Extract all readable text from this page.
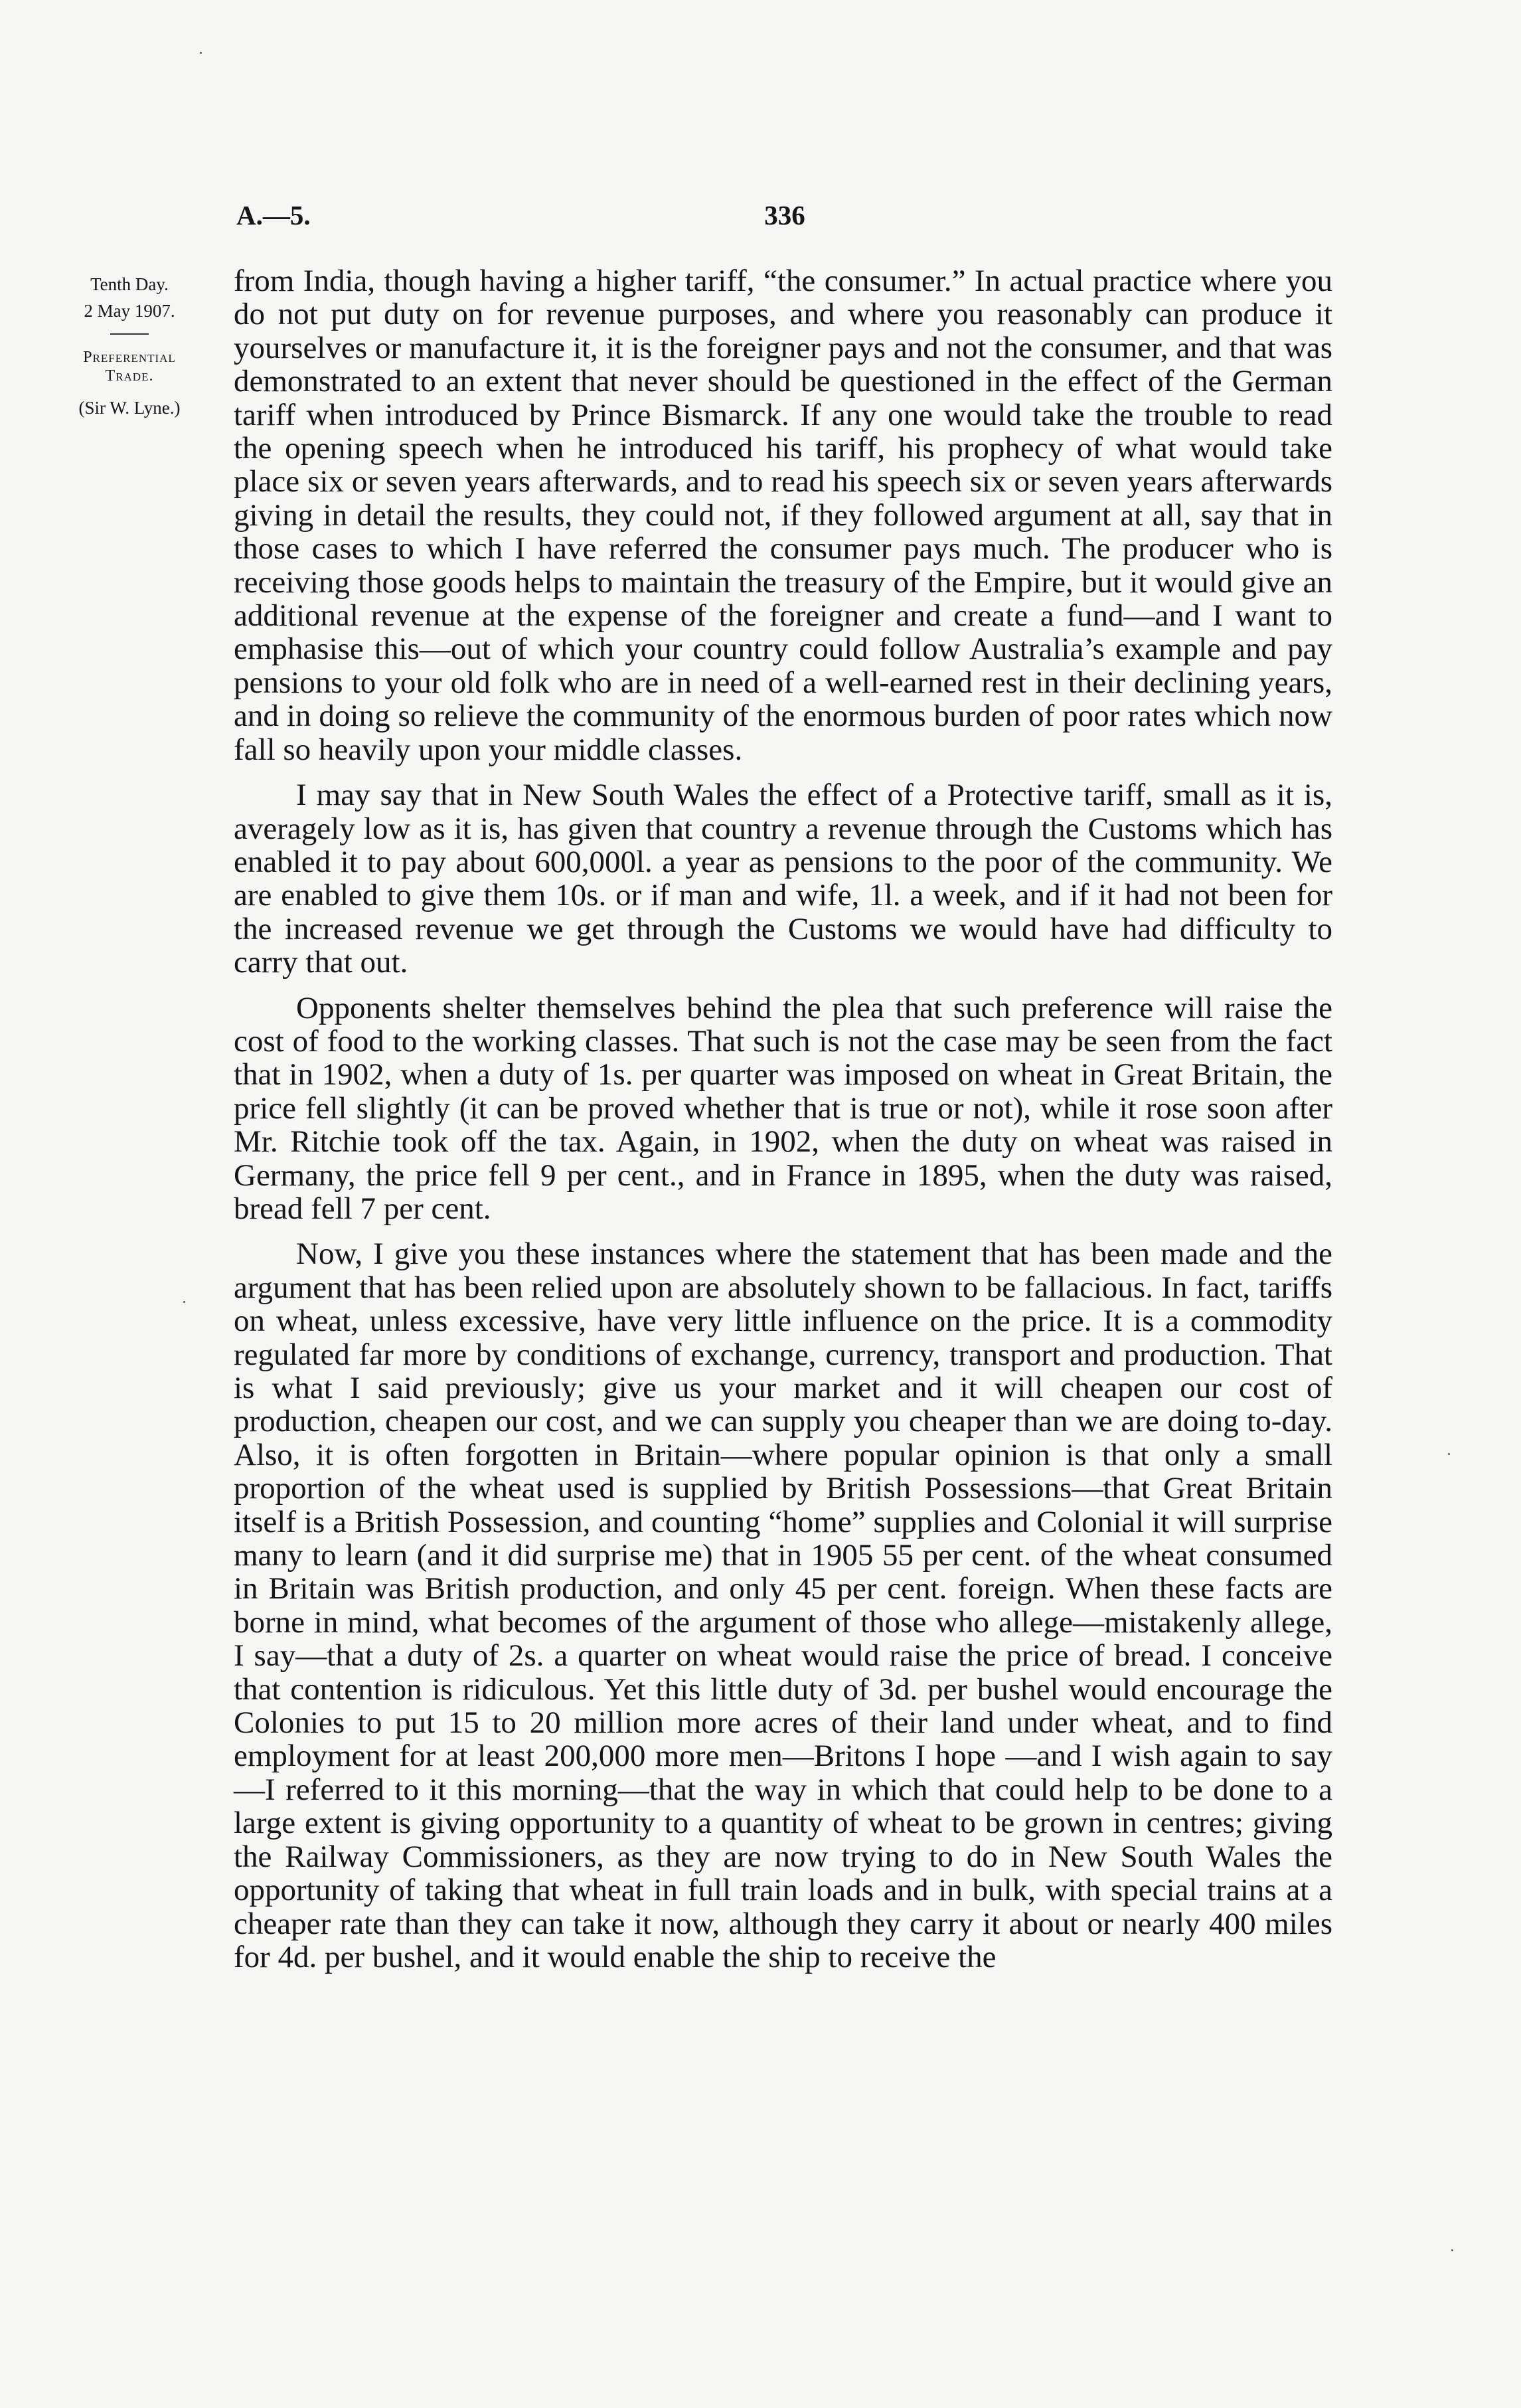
A.—5.	336
Tenth Day.
2 May 1907.
Preferential
Trade.
(Sir W. Lyne.)

from India, though having a higher tariff, “the consumer.” In actual practice where you do not put duty on for revenue purposes, and where you reasonably can produce it yourselves or manufacture it, it is the foreigner pays and not the consumer, and that was demonstrated to an extent that never should be questioned in the effect of the German tariff when introduced by Prince Bismarck. If any one would take the trouble to read the opening speech when he introduced his tariff, his prophecy of what would take place six or seven years afterwards, and to read his speech six or seven years afterwards giving in detail the results, they could not, if they followed argument at all, say that in those cases to which I have referred the consumer pays much. The producer who is receiving those goods helps to maintain the treasury of the Empire, but it would give an additional revenue at the expense of the foreigner and create a fund—and I want to emphasise this—out of which your country could follow Australia’s example and pay pensions to your old folk who are in need of a well-earned rest in their declining years, and in doing so relieve the community of the enormous burden of poor rates which now fall so heavily upon your middle classes.

I may say that in New South Wales the effect of a Protective tariff, small as it is, averagely low as it is, has given that country a revenue through the Customs which has enabled it to pay about 600,000l. a year as pensions to the poor of the community. We are enabled to give them 10s. or if man and wife, 1l. a week, and if it had not been for the increased revenue we get through the Customs we would have had difficulty to carry that out.

Opponents shelter themselves behind the plea that such preference will raise the cost of food to the working classes. That such is not the case may be seen from the fact that in 1902, when a duty of 1s. per quarter was imposed on wheat in Great Britain, the price fell slightly (it can be proved whether that is true or not), while it rose soon after Mr. Ritchie took off the tax. Again, in 1902, when the duty on wheat was raised in Germany, the price fell 9 per cent., and in France in 1895, when the duty was raised, bread fell 7 per cent.

Now, I give you these instances where the statement that has been made and the argument that has been relied upon are absolutely shown to be fallacious. In fact, tariffs on wheat, unless excessive, have very little influence on the price. It is a commodity regulated far more by conditions of exchange, currency, transport and production. That is what I said previously; give us your market and it will cheapen our cost of production, cheapen our cost, and we can supply you cheaper than we are doing to-day. Also, it is often forgotten in Britain—where popular opinion is that only a small proportion of the wheat used is supplied by British Possessions—that Great Britain itself is a British Possession, and counting “home” supplies and Colonial it will surprise many to learn (and it did surprise me) that in 1905 55 per cent. of the wheat consumed in Britain was British production, and only 45 per cent. foreign. When these facts are borne in mind, what becomes of the argument of those who allege—mistakenly allege, I say—that a duty of 2s. a quarter on wheat would raise the price of bread. I conceive that contention is ridiculous. Yet this little duty of 3d. per bushel would encourage the Colonies to put 15 to 20 million more acres of their land under wheat, and to find employment for at least 200,000 more men—Britons I hope —and I wish again to say—I referred to it this morning—that the way in which that could help to be done to a large extent is giving opportunity to a quantity of wheat to be grown in centres; giving the Railway Commissioners, as they are now trying to do in New South Wales the opportunity of taking that wheat in full train loads and in bulk, with special trains at a cheaper rate than they can take it now, although they carry it about or nearly 400 miles for 4d. per bushel, and it would enable the ship to receive the
